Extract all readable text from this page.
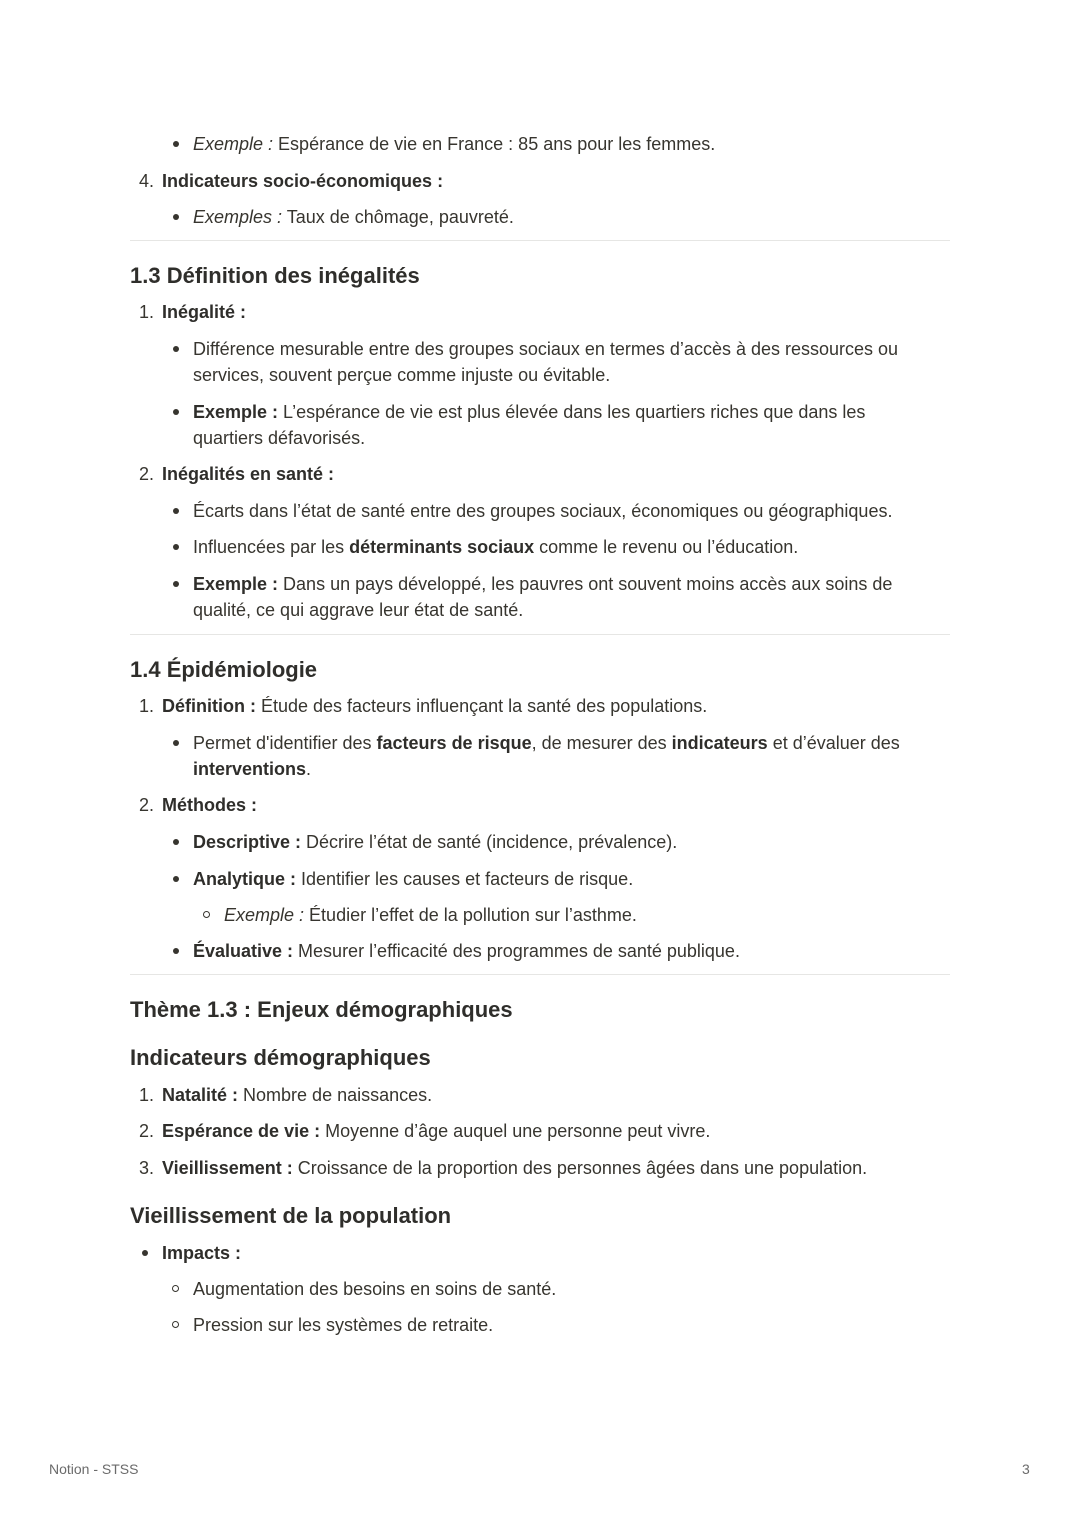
Exemple : Espérance de vie en France : 85 ans pour les femmes.
4. Indicateurs socio-économiques :
Exemples : Taux de chômage, pauvreté.
1.3 Définition des inégalités
1. Inégalité :
Différence mesurable entre des groupes sociaux en termes d’accès à des ressources ou
services, souvent perçue comme injuste ou évitable.
Exemple : L’espérance de vie est plus élevée dans les quartiers riches que dans les
quartiers défavorisés.
2. Inégalités en santé :
Écarts dans l’état de santé entre des groupes sociaux, économiques ou géographiques.
Influencées par les déterminants sociaux comme le revenu ou l’éducation.
Exemple : Dans un pays développé, les pauvres ont souvent moins accès aux soins de
qualité, ce qui aggrave leur état de santé.
1.4 Épidémiologie
1. Définition : Étude des facteurs influençant la santé des populations.
Permet d'identifier des facteurs de risque, de mesurer des indicateurs et d’évaluer des
interventions.
2. Méthodes :
Descriptive : Décrire l’état de santé (incidence, prévalence).
Analytique : Identifier les causes et facteurs de risque.
Exemple : Étudier l’effet de la pollution sur l’asthme.
Évaluative : Mesurer l’efficacité des programmes de santé publique.
Thème 1.3 : Enjeux démographiques
Indicateurs démographiques
1. Natalité : Nombre de naissances.
2. Espérance de vie : Moyenne d’âge auquel une personne peut vivre.
3. Vieillissement : Croissance de la proportion des personnes âgées dans une population.
Vieillissement de la population
Impacts :
Augmentation des besoins en soins de santé.
Pression sur les systèmes de retraite.
Notion - STSS	3
